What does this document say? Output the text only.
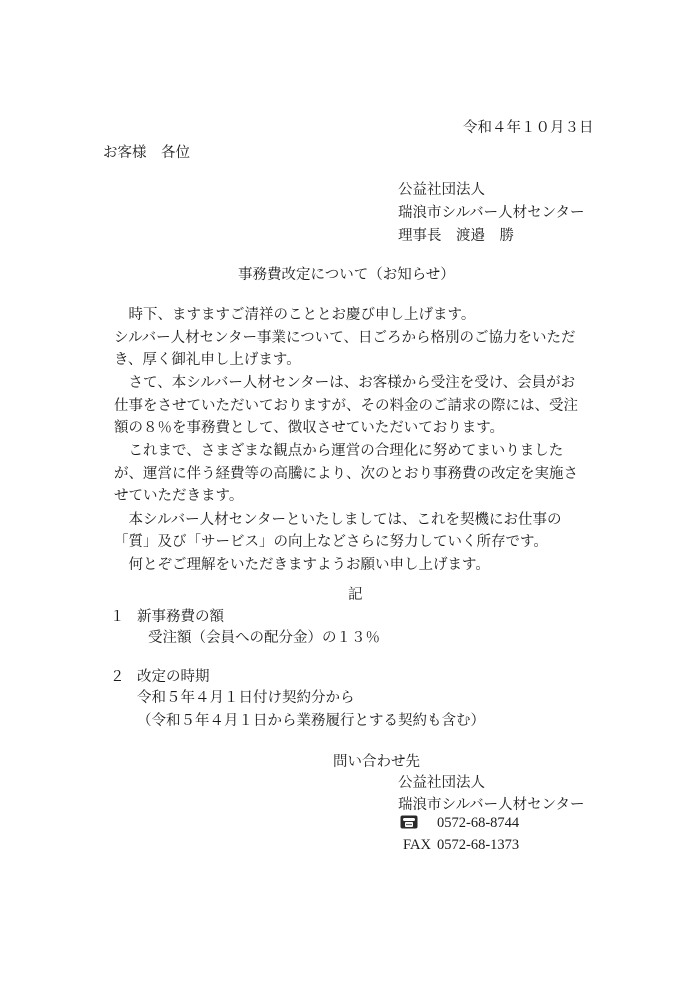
令和４年１０月３日
お客様　各位
公益社団法人
瑞浪市シルバー人材センター
理事長　渡邉　勝
事務費改定について（お知らせ）
　時下、ますますご清祥のこととお慶び申し上げます。
シルバー人材センター事業について、日ごろから格別のご協力をいただ
き、厚く御礼申し上げます。
　さて、本シルバー人材センターは、お客様から受注を受け、会員がお
仕事をさせていただいておりますが、その料金のご請求の際には、受注
額の８％を事務費として、徴収させていただいております。
　これまで、さまざまな観点から運営の合理化に努めてまいりました
が、運営に伴う経費等の高騰により、次のとおり事務費の改定を実施さ
せていただきます。
　本シルバー人材センターといたしましては、これを契機にお仕事の
「質」及び「サービス」の向上などさらに努力していく所存です。
　何とぞご理解をいただきますようお願い申し上げます。
記
１ 新事務費の額
受注額（会員への配分金）の１３％
２ 改定の時期
令和５年４月１日付け契約分から
（令和５年４月１日から業務履行とする契約も含む）
問い合わせ先
公益社団法人
瑞浪市シルバー人材センター
0572-68-8744
FAX 0572-68-1373
